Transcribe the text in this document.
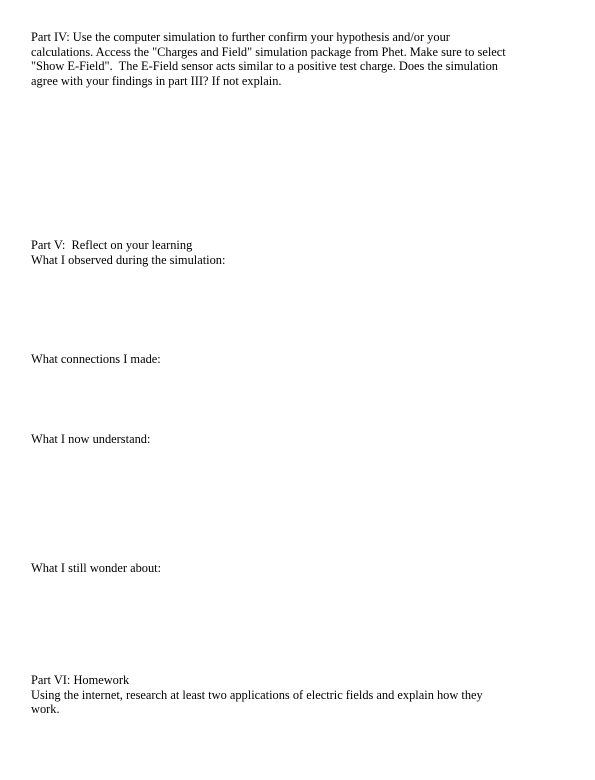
Part IV: Use the computer simulation to further confirm your hypothesis and/or your
calculations. Access the "Charges and Field" simulation package from Phet. Make sure to select
"Show E-Field".  The E-Field sensor acts similar to a positive test charge. Does the simulation
agree with your findings in part III? If not explain.
Part V:  Reflect on your learning
What I observed during the simulation:
What connections I made:
What I now understand:
What I still wonder about:
Part VI: Homework
Using the internet, research at least two applications of electric fields and explain how they
work.
